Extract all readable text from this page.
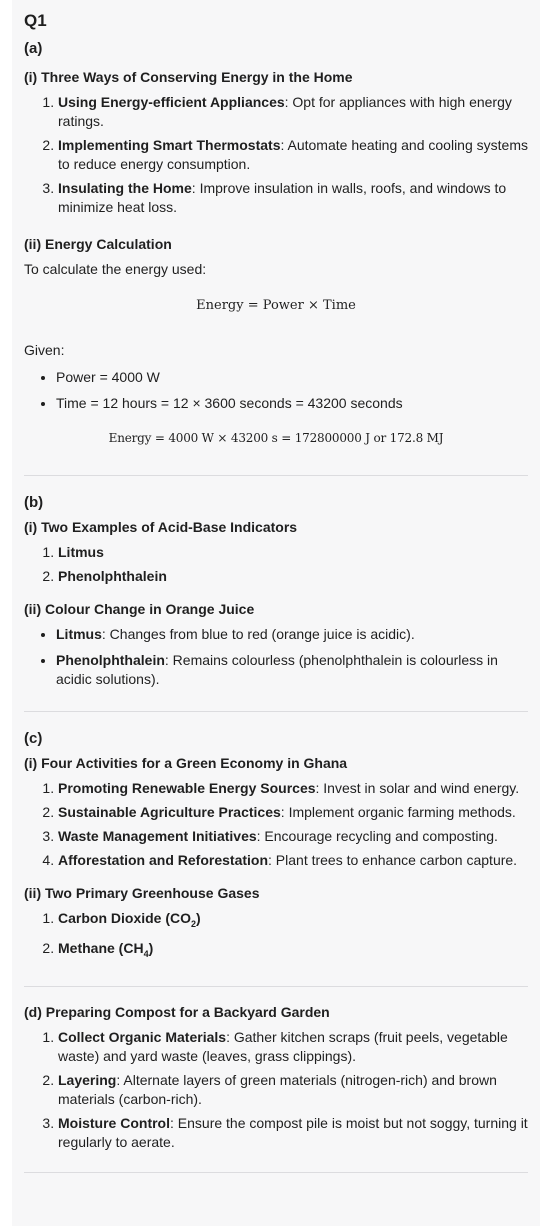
Q1
(a)
(i) Three Ways of Conserving Energy in the Home
1. Using Energy-efficient Appliances: Opt for appliances with high energy ratings.
2. Implementing Smart Thermostats: Automate heating and cooling systems to reduce energy consumption.
3. Insulating the Home: Improve insulation in walls, roofs, and windows to minimize heat loss.
(ii) Energy Calculation

To calculate the energy used:

Energy = Power × Time

Given:

• Power = 4000 W
• Time = 12 hours = 12 × 3600 seconds = 43200 seconds
Energy = 4000 W × 43200 s = 172800000 J or 172.8 MJ
(b)
(i) Two Examples of Acid-Base Indicators
1. Litmus
2. Phenolphthalein
(ii) Colour Change in Orange Juice
• Litmus: Changes from blue to red (orange juice is acidic).
• Phenolphthalein: Remains colourless (phenolphthalein is colourless in acidic solutions).
(c)
(i) Four Activities for a Green Economy in Ghana
1. Promoting Renewable Energy Sources: Invest in solar and wind energy.
2. Sustainable Agriculture Practices: Implement organic farming methods.
3. Waste Management Initiatives: Encourage recycling and composting.
4. Afforestation and Reforestation: Plant trees to enhance carbon capture.
(ii) Two Primary Greenhouse Gases
1. Carbon Dioxide $(CO_2)$
2. Methane $(CH_4)$
(d) Preparing Compost for a Backyard Garden
1. Collect Organic Materials: Gather kitchen scraps (fruit peels, vegetable waste) and yard waste (leaves, grass clippings).
2. Layering: Alternate layers of green materials (nitrogen-rich) and brown materials (carbon-rich).
3. Moisture Control: Ensure the compost pile is moist but not soggy, turning it regularly to aerate.
